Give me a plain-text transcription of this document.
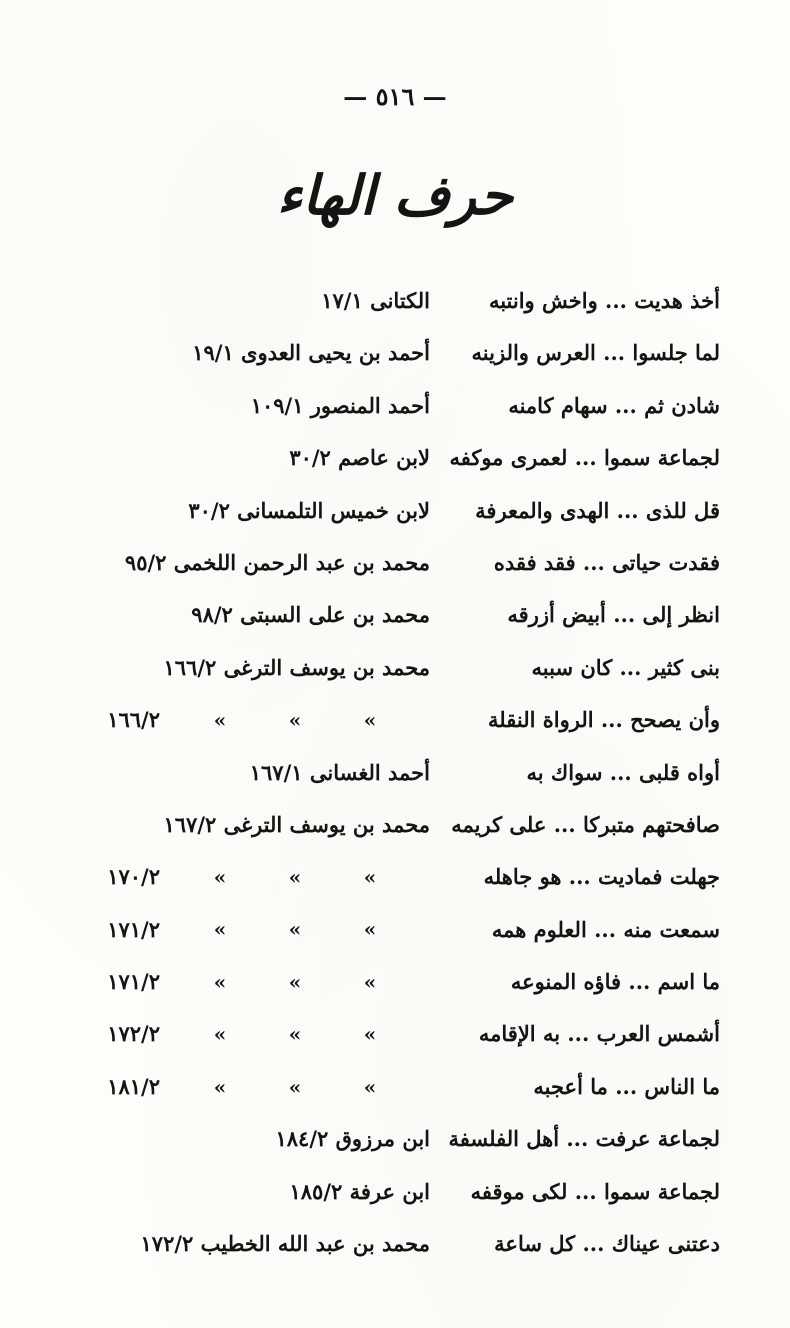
— ٥١٦ —
حرف الهاء
أخذ هديت ... واخش وانتبه
الكتانى ١٧/١
لما جلسوا ... العرس والزينه
أحمد بن يحيى العدوى ١٩/١
شادن ثم ... سهام كامنه
أحمد المنصور ١٠٩/١
لجماعة سموا ... لعمرى موكفه
لابن عاصم ٣٠/٢
قل للذى ... الهدى والمعرفة
لابن خميس التلمسانى ٣٠/٢
فقدت حياتى ... فقد فقده
محمد بن عبد الرحمن اللخمى ٩٥/٢
انظر إلى ... أبيض أزرقه
محمد بن على السبتى ٩٨/٢
بنى كثير ... كان سببه
محمد بن يوسف الترغى ١٦٦/٢
وأن يصحح ... الرواة النقلة
»
»
»
١٦٦/٢
أواه قلبى ... سواك به
أحمد الغسانى ١٦٧/١
صافحتهم متبركا ... على كريمه
محمد بن يوسف الترغى ١٦٧/٢
جهلت فماديت ... هو جاهله
»
»
»
١٧٠/٢
سمعت منه ... العلوم همه
»
»
»
١٧١/٢
ما اسم ... فاؤه المنوعه
»
»
»
١٧١/٢
أشمس العرب ... به الإقامه
»
»
»
١٧٢/٢
ما الناس ... ما أعجبه
»
»
»
١٨١/٢
لجماعة عرفت ... أهل الفلسفة
ابن مرزوق ١٨٤/٢
لجماعة سموا ... لكى موقفه
ابن عرفة ١٨٥/٢
دعتنى عيناك ... كل ساعة
محمد بن عبد الله الخطيب ١٧٢/٢
